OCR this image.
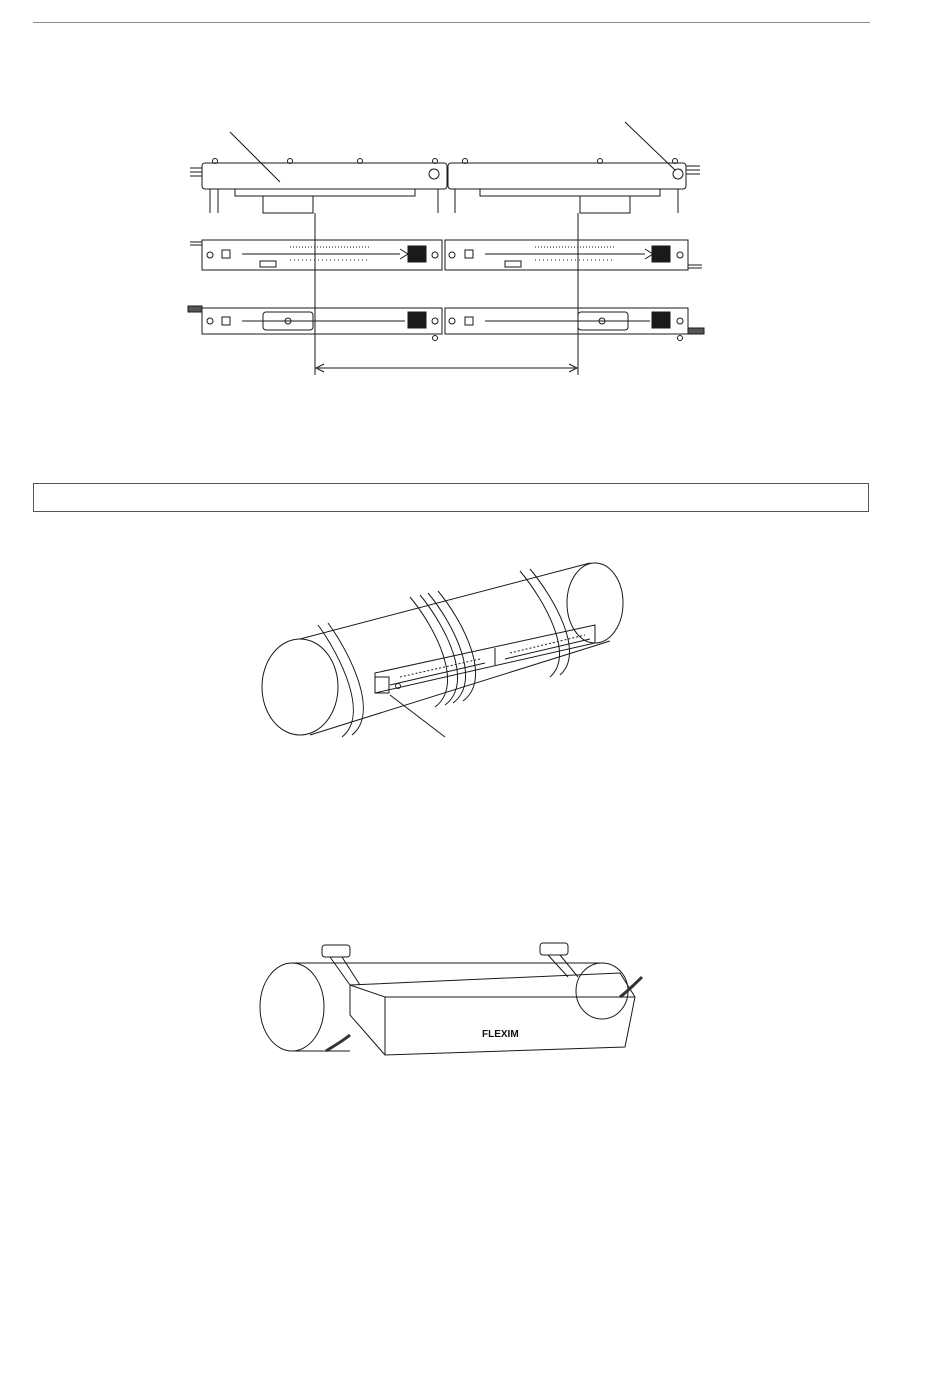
FLEXIM
